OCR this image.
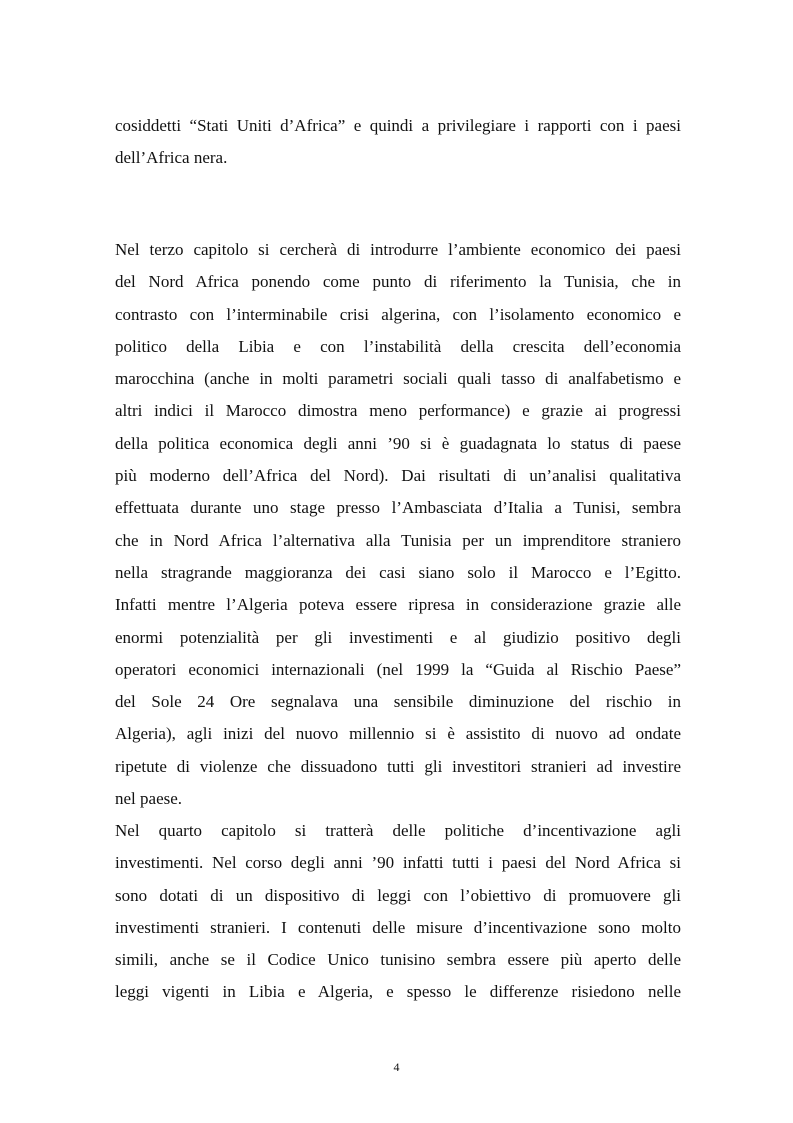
cosiddetti “Stati Uniti d’Africa” e quindi a privilegiare i rapporti con i paesi
dell’Africa nera.
Nel terzo capitolo si cercherà di introdurre l’ambiente economico dei paesi
del Nord Africa ponendo come punto di riferimento la Tunisia, che in
contrasto con l’interminabile crisi algerina, con l’isolamento economico e
politico della Libia e con l’instabilità della crescita dell’economia
marocchina (anche in molti parametri sociali quali tasso di analfabetismo e
altri indici il Marocco dimostra meno performance) e grazie ai progressi
della politica economica degli anni ’90 si è guadagnata lo status di paese
più moderno dell’Africa del Nord). Dai risultati di un’analisi qualitativa
effettuata durante uno stage presso l’Ambasciata d’Italia a Tunisi, sembra
che in Nord Africa l’alternativa alla Tunisia per un imprenditore straniero
nella stragrande maggioranza dei casi siano solo il Marocco e l’Egitto.
Infatti mentre l’Algeria poteva essere ripresa in considerazione grazie alle
enormi potenzialità per gli investimenti e al giudizio positivo degli
operatori economici internazionali (nel 1999 la “Guida al Rischio Paese”
del Sole 24 Ore segnalava una sensibile diminuzione del rischio in
Algeria), agli inizi del nuovo millennio si è assistito di nuovo ad ondate
ripetute di violenze che dissuadono tutti gli investitori stranieri ad investire
nel paese.
Nel quarto capitolo si tratterà delle politiche d’incentivazione agli
investimenti. Nel corso degli anni ’90 infatti tutti i paesi del Nord Africa si
sono dotati di un dispositivo di leggi con l’obiettivo di promuovere gli
investimenti stranieri. I contenuti delle misure d’incentivazione sono molto
simili, anche se il Codice Unico tunisino sembra essere più aperto delle
leggi vigenti in Libia e Algeria, e spesso le differenze risiedono nelle
4
